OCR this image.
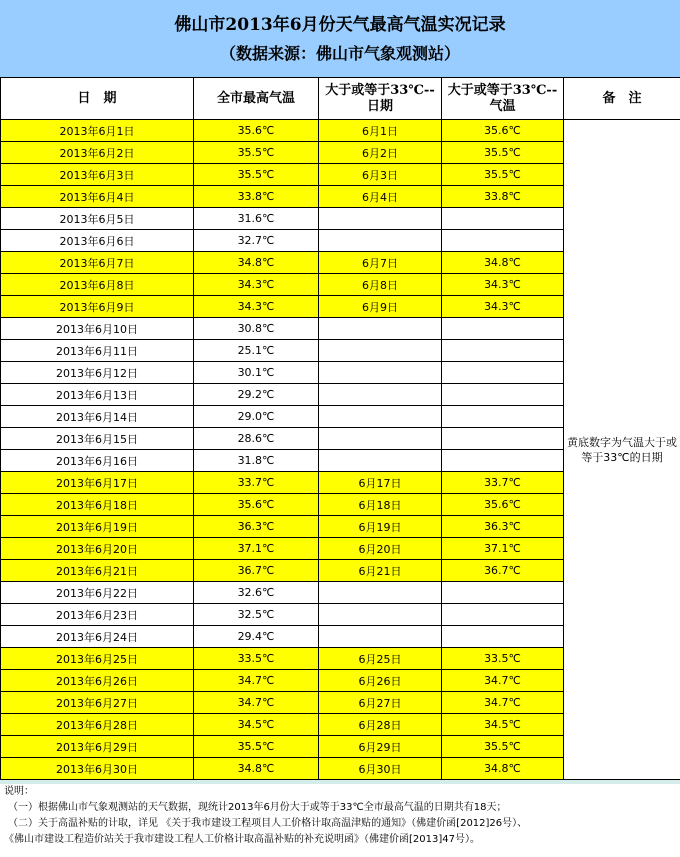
佛山市2013年6月份天气最高气温实况记录
（数据来源：佛山市气象观测站）
日　期	全市最高气温	大于或等于33℃--日期	大于或等于33℃--气温	备　注
2013年6月1日	35.6℃	6月1日	35.6℃	黄底数字为气温大于或等于33℃的日期
2013年6月2日	35.5℃	6月2日	35.5℃	
2013年6月3日	35.5℃	6月3日	35.5℃	
2013年6月4日	33.8℃	6月4日	33.8℃	
2013年6月5日	31.6℃			
2013年6月6日	32.7℃			
2013年6月7日	34.8℃	6月7日	34.8℃	
2013年6月8日	34.3℃	6月8日	34.3℃	
2013年6月9日	34.3℃	6月9日	34.3℃	
2013年6月10日	30.8℃			
2013年6月11日	25.1℃			
2013年6月12日	30.1℃			
2013年6月13日	29.2℃			
2013年6月14日	29.0℃			
2013年6月15日	28.6℃			
2013年6月16日	31.8℃			
2013年6月17日	33.7℃	6月17日	33.7℃	
2013年6月18日	35.6℃	6月18日	35.6℃	
2013年6月19日	36.3℃	6月19日	36.3℃	
2013年6月20日	37.1℃	6月20日	37.1℃	
2013年6月21日	36.7℃	6月21日	36.7℃	
2013年6月22日	32.6℃			
2013年6月23日	32.5℃			
2013年6月24日	29.4℃			
2013年6月25日	33.5℃	6月25日	33.5℃	
2013年6月26日	34.7℃	6月26日	34.7℃	
2013年6月27日	34.7℃	6月27日	34.7℃	
2013年6月28日	34.5℃	6月28日	34.5℃	
2013年6月29日	35.5℃	6月29日	35.5℃	
2013年6月30日	34.8℃	6月30日	34.8℃	
说明：
（一）根据佛山市气象观测站的天气数据，现统计2013年6月份大于或等于33℃全市最高气温的日期共有18天；
（二）关于高温补贴的计取，详见 《关于我市建设工程项目人工价格计取高温津贴的通知》（佛建价函[2012]26号）、
《佛山市建设工程造价站关于我市建设工程人工价格计取高温补贴的补充说明函》（佛建价函[2013]47号）。
